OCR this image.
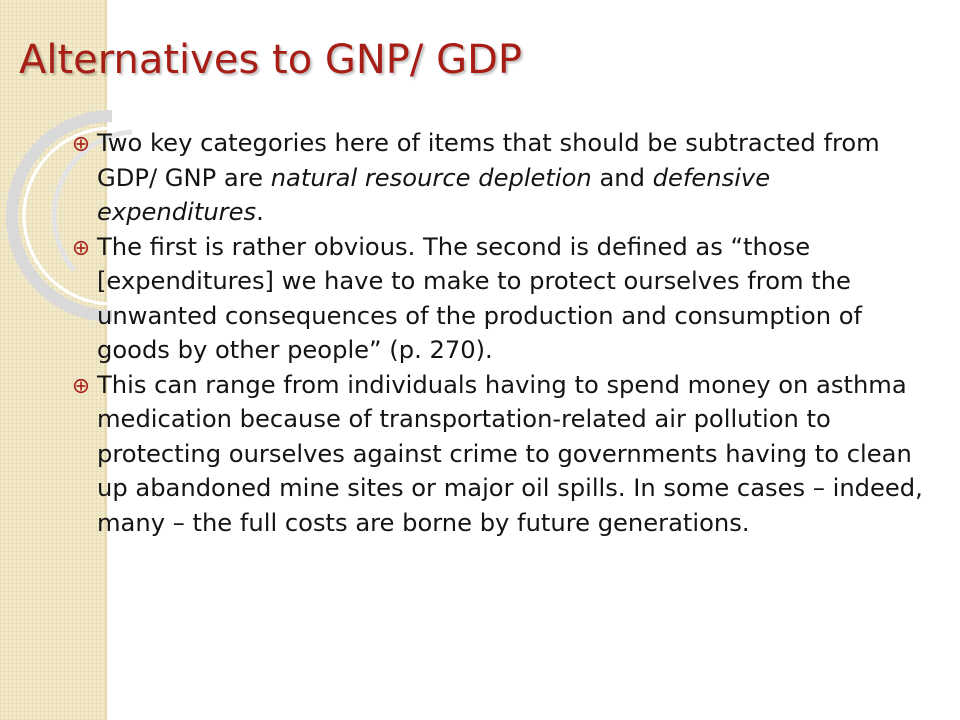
Alternatives to GNP/ GDP
Two key categories here of items that should be subtracted from GDP/ GNP are natural resource depletion and defensive expenditures.
The first is rather obvious. The second is defined as “those [expenditures] we have to make to protect ourselves from the unwanted consequences of the production and consumption of goods by other people” (p. 270).
This can range from individuals having to spend money on asthma medication because of transportation-related air pollution to protecting ourselves against crime to governments having to clean up abandoned mine sites or major oil spills. In some cases – indeed, many – the full costs are borne by future generations.
